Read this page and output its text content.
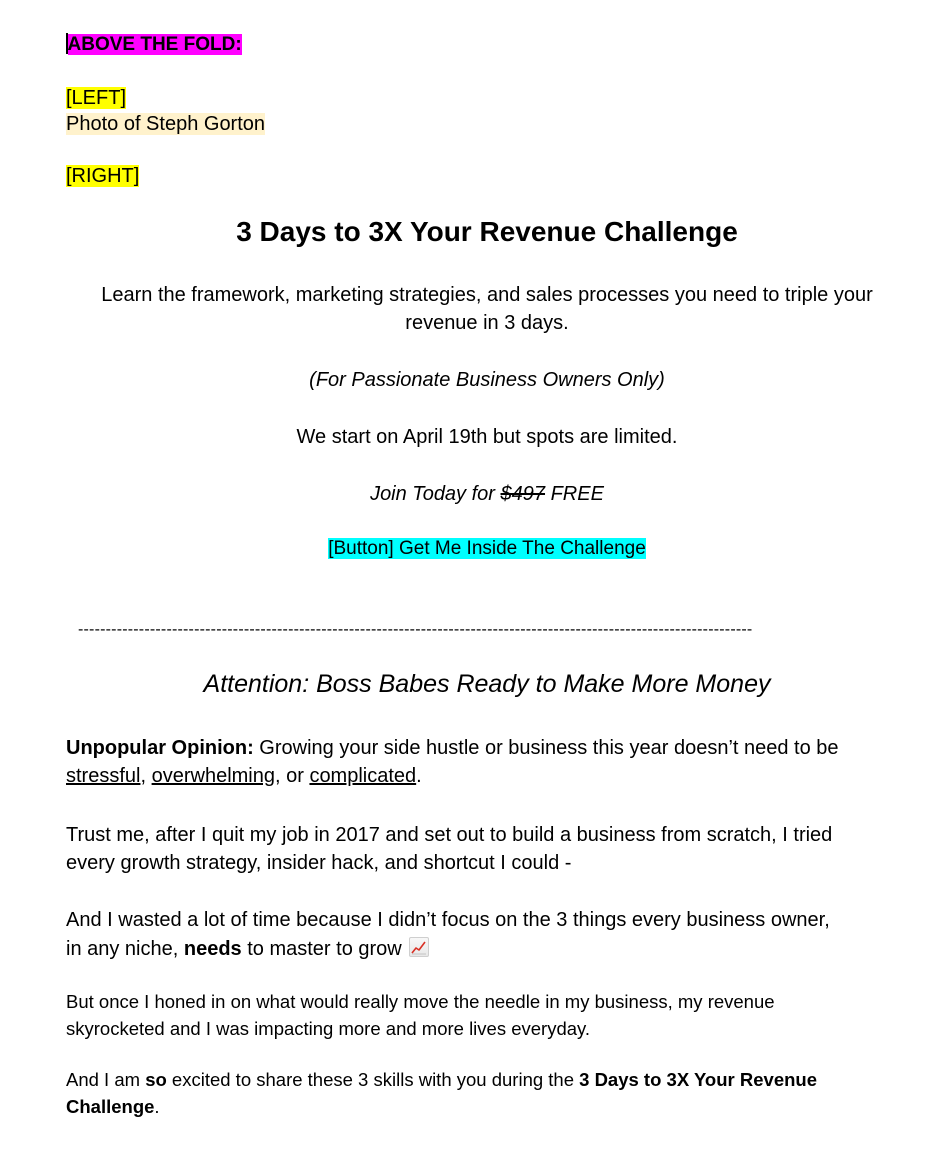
ABOVE THE FOLD:
[LEFT]
Photo of Steph Gorton
[RIGHT]
3 Days to 3X Your Revenue Challenge
Learn the framework, marketing strategies, and sales processes you need to triple your revenue in 3 days.
(For Passionate Business Owners Only)
We start on April 19th but spots are limited.
Join Today for $497 FREE
[Button] Get Me Inside The Challenge
--------------------------------------------------------------------------------------------------------------------------
Attention: Boss Babes Ready to Make More Money
Unpopular Opinion: Growing your side hustle or business this year doesn’t need to be
stressful, overwhelming, or complicated.
Trust me, after I quit my job in 2017 and set out to build a business from scratch, I tried
every growth strategy, insider hack, and shortcut I could -
And I wasted a lot of time because I didn’t focus on the 3 things every business owner,
in any niche, needs to master to grow
But once I honed in on what would really move the needle in my business, my revenue
skyrocketed and I was impacting more and more lives everyday.
And I am so excited to share these 3 skills with you during the 3 Days to 3X Your Revenue
Challenge.
